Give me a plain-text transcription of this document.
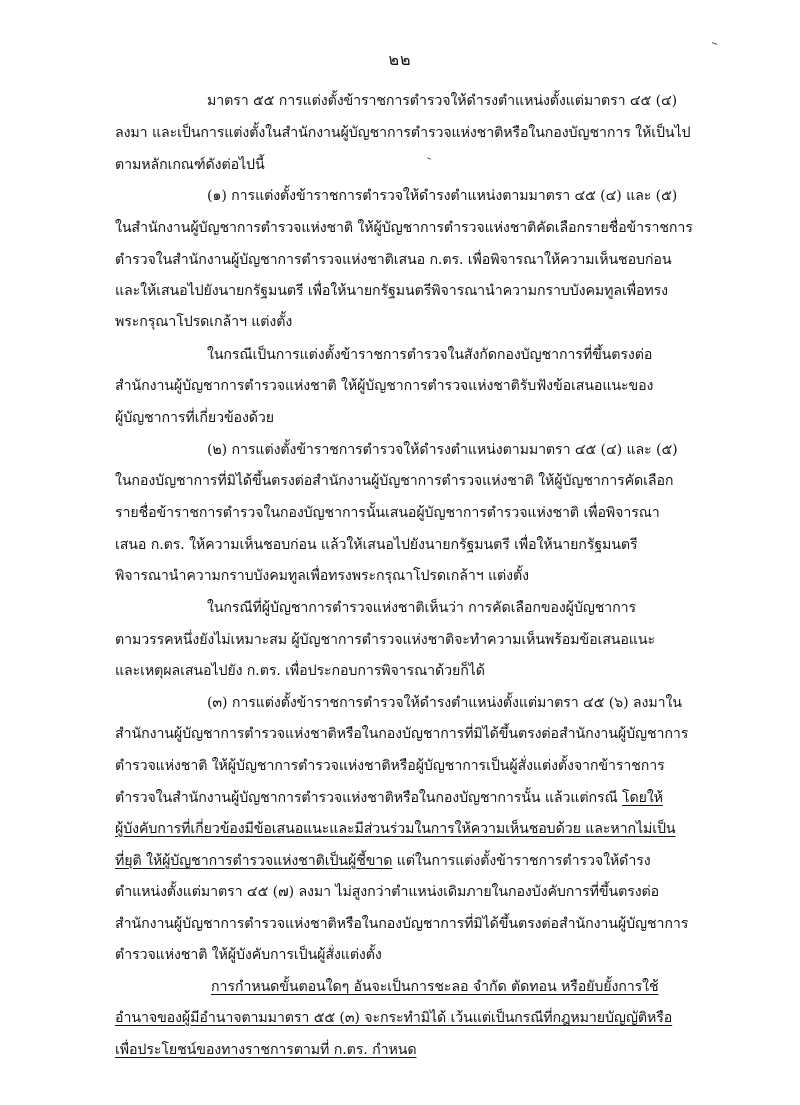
๒๒
มาตรา ๕๕ การแต่งตั้งข้าราชการตำรวจให้ดำรงตำแหน่งตั้งแต่มาตรา ๔๕ (๔)
ลงมา และเป็นการแต่งตั้งในสำนักงานผู้บัญชาการตำรวจแห่งชาติหรือในกองบัญชาการ ให้เป็นไป
ตามหลักเกณฑ์ดังต่อไปนี้
(๑) การแต่งตั้งข้าราชการตำรวจให้ดำรงตำแหน่งตามมาตรา ๔๕ (๔) และ (๕)
ในสำนักงานผู้บัญชาการตำรวจแห่งชาติ ให้ผู้บัญชาการตำรวจแห่งชาติคัดเลือกรายชื่อข้าราชการ
ตำรวจในสำนักงานผู้บัญชาการตำรวจแห่งชาติเสนอ ก.ตร. เพื่อพิจารณาให้ความเห็นชอบก่อน
และให้เสนอไปยังนายกรัฐมนตรี เพื่อให้นายกรัฐมนตรีพิจารณานำความกราบบังคมทูลเพื่อทรง
พระกรุณาโปรดเกล้าฯ แต่งตั้ง
ในกรณีเป็นการแต่งตั้งข้าราชการตำรวจในสังกัดกองบัญชาการที่ขึ้นตรงต่อ
สำนักงานผู้บัญชาการตำรวจแห่งชาติ ให้ผู้บัญชาการตำรวจแห่งชาติรับฟังข้อเสนอแนะของ
ผู้บัญชาการที่เกี่ยวข้องด้วย
(๒) การแต่งตั้งข้าราชการตำรวจให้ดำรงตำแหน่งตามมาตรา ๔๕ (๔) และ (๕)
ในกองบัญชาการที่มิได้ขึ้นตรงต่อสำนักงานผู้บัญชาการตำรวจแห่งชาติ ให้ผู้บัญชาการคัดเลือก
รายชื่อข้าราชการตำรวจในกองบัญชาการนั้นเสนอผู้บัญชาการตำรวจแห่งชาติ เพื่อพิจารณา
เสนอ ก.ตร. ให้ความเห็นชอบก่อน แล้วให้เสนอไปยังนายกรัฐมนตรี เพื่อให้นายกรัฐมนตรี
พิจารณานำความกราบบังคมทูลเพื่อทรงพระกรุณาโปรดเกล้าฯ แต่งตั้ง
ในกรณีที่ผู้บัญชาการตำรวจแห่งชาติเห็นว่า การคัดเลือกของผู้บัญชาการ
ตามวรรคหนึ่งยังไม่เหมาะสม ผู้บัญชาการตำรวจแห่งชาติจะทำความเห็นพร้อมข้อเสนอแนะ
และเหตุผลเสนอไปยัง ก.ตร. เพื่อประกอบการพิจารณาด้วยก็ได้
(๓) การแต่งตั้งข้าราชการตำรวจให้ดำรงตำแหน่งตั้งแต่มาตรา ๔๕ (๖) ลงมาใน
สำนักงานผู้บัญชาการตำรวจแห่งชาติหรือในกองบัญชาการที่มิได้ขึ้นตรงต่อสำนักงานผู้บัญชาการ
ตำรวจแห่งชาติ ให้ผู้บัญชาการตำรวจแห่งชาติหรือผู้บัญชาการเป็นผู้สั่งแต่งตั้งจากข้าราชการ
ตำรวจในสำนักงานผู้บัญชาการตำรวจแห่งชาติหรือในกองบัญชาการนั้น แล้วแต่กรณี โดยให้
ผู้บังคับการที่เกี่ยวข้องมีข้อเสนอแนะและมีส่วนร่วมในการให้ความเห็นชอบด้วย และหากไม่เป็น
ที่ยุติ ให้ผู้บัญชาการตำรวจแห่งชาติเป็นผู้ชี้ขาด แต่ในการแต่งตั้งข้าราชการตำรวจให้ดำรง
ตำแหน่งตั้งแต่มาตรา ๔๕ (๗) ลงมา ไม่สูงกว่าตำแหน่งเดิมภายในกองบังคับการที่ขึ้นตรงต่อ
สำนักงานผู้บัญชาการตำรวจแห่งชาติหรือในกองบัญชาการที่มิได้ขึ้นตรงต่อสำนักงานผู้บัญชาการ
ตำรวจแห่งชาติ ให้ผู้บังคับการเป็นผู้สั่งแต่งตั้ง
การกำหนดขั้นตอนใดๆ อันจะเป็นการชะลอ จำกัด ตัดทอน หรือยับยั้งการใช้
อำนาจของผู้มีอำนาจตามมาตรา ๕๕ (๓) จะกระทำมิได้ เว้นแต่เป็นกรณีที่กฎหมายบัญญัติหรือ
เพื่อประโยชน์ของทางราชการตามที่ ก.ตร. กำหนด
